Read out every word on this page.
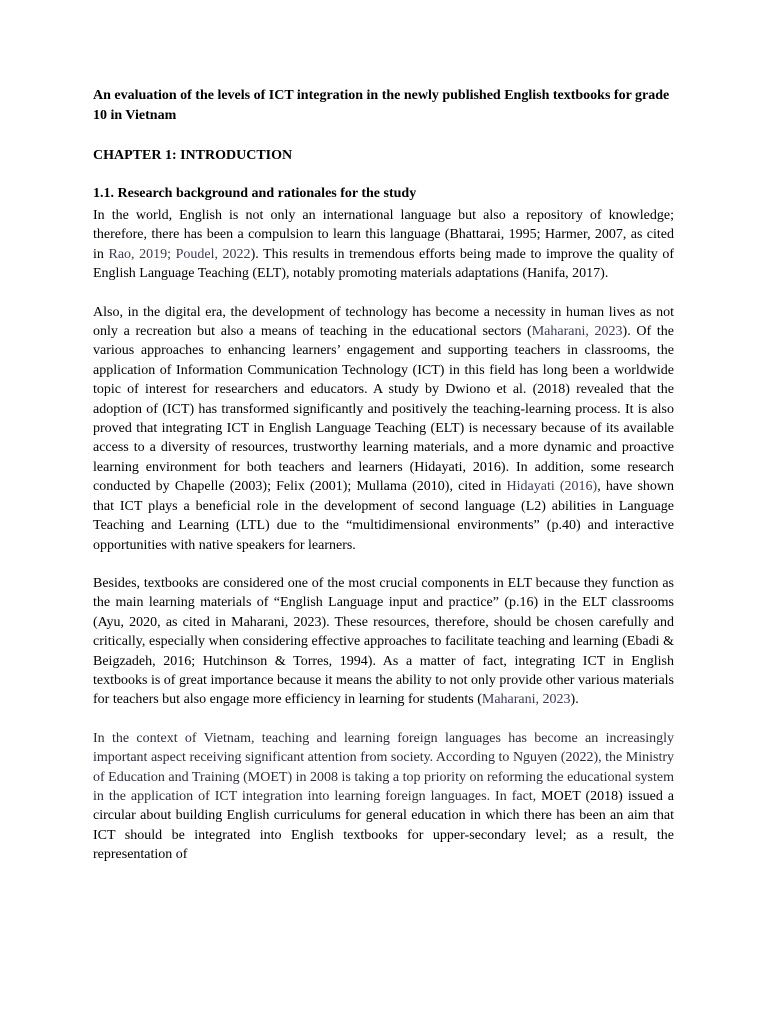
An evaluation of the levels of ICT integration in the newly published English textbooks for grade 10 in Vietnam

CHAPTER 1: INTRODUCTION

1.1. Research background and rationales for the study

In the world, English is not only an international language but also a repository of knowledge; therefore, there has been a compulsion to learn this language (Bhattarai, 1995; Harmer, 2007, as cited in Rao, 2019; Poudel, 2022). This results in tremendous efforts being made to improve the quality of English Language Teaching (ELT), notably promoting materials adaptations (Hanifa, 2017).

Also, in the digital era, the development of technology has become a necessity in human lives as not only a recreation but also a means of teaching in the educational sectors (Maharani, 2023). Of the various approaches to enhancing learners’ engagement and supporting teachers in classrooms, the application of Information Communication Technology (ICT) in this field has long been a worldwide topic of interest for researchers and educators. A study by Dwiono et al. (2018) revealed that the adoption of (ICT) has transformed significantly and positively the teaching-learning process. It is also proved that integrating ICT in English Language Teaching (ELT) is necessary because of its available access to a diversity of resources, trustworthy learning materials, and a more dynamic and proactive learning environment for both teachers and learners (Hidayati, 2016). In addition, some research conducted by Chapelle (2003); Felix (2001); Mullama (2010), cited in Hidayati (2016), have shown that ICT plays a beneficial role in the development of second language (L2) abilities in Language Teaching and Learning (LTL) due to the “multidimensional environments” (p.40) and interactive opportunities with native speakers for learners.

Besides, textbooks are considered one of the most crucial components in ELT because they function as the main learning materials of “English Language input and practice” (p.16) in the ELT classrooms (Ayu, 2020, as cited in Maharani, 2023). These resources, therefore, should be chosen carefully and critically, especially when considering effective approaches to facilitate teaching and learning (Ebadi & Beigzadeh, 2016; Hutchinson & Torres, 1994). As a matter of fact, integrating ICT in English textbooks is of great importance because it means the ability to not only provide other various materials for teachers but also engage more efficiency in learning for students (Maharani, 2023).

In the context of Vietnam, teaching and learning foreign languages has become an increasingly important aspect receiving significant attention from society. According to Nguyen (2022), the Ministry of Education and Training (MOET) in 2008 is taking a top priority on reforming the educational system in the application of ICT integration into learning foreign languages. In fact, MOET (2018) issued a circular about building English curriculums for general education in which there has been an aim that ICT should be integrated into English textbooks for upper-secondary level; as a result, the representation of
